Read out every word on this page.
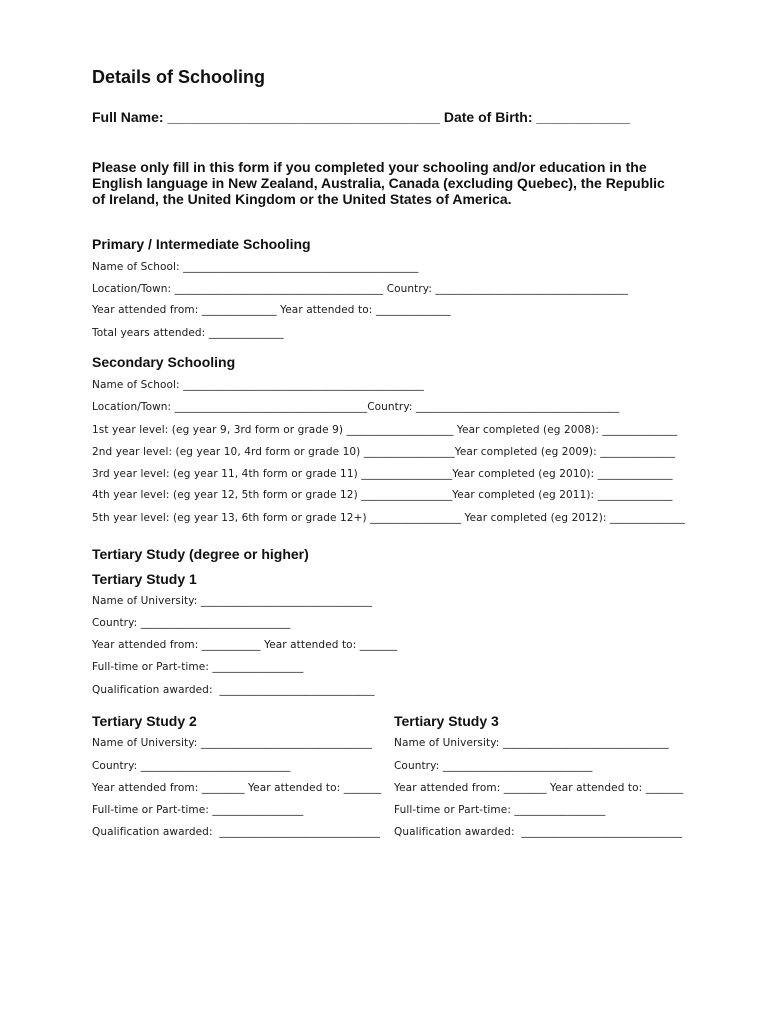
Details of Schooling
Full Name: ___________________________________ Date of Birth: ____________
Please only fill in this form if you completed your schooling and/or education in the
English language in New Zealand, Australia, Canada (excluding Quebec), the Republic
of Ireland, the United Kingdom or the United States of America.
Primary / Intermediate Schooling
Name of School: ____________________________________________
Location/Town: _______________________________________ Country: ____________________________________
Year attended from: ______________ Year attended to: ______________
Total years attended: ______________
Secondary Schooling
Name of School: _____________________________________________
Location/Town: ____________________________________Country: ______________________________________
1st year level: (eg year 9, 3rd form or grade 9) ____________________ Year completed (eg 2008): ______________
2nd year level: (eg year 10, 4rd form or grade 10) _________________Year completed (eg 2009): ______________
3rd year level: (eg year 11, 4th form or grade 11) _________________Year completed (eg 2010): ______________
4th year level: (eg year 12, 5th form or grade 12) _________________Year completed (eg 2011): ______________
5th year level: (eg year 13, 6th form or grade 12+) _________________ Year completed (eg 2012): ______________
Tertiary Study (degree or higher)
Tertiary Study 1
Name of University: ________________________________
Country: ____________________________
Year attended from: ___________ Year attended to: _______
Full-time or Part-time: _________________
Qualification awarded:  _____________________________
Tertiary Study 2
Name of University: ________________________________
Country: ____________________________
Year attended from: ________ Year attended to: _______
Full-time or Part-time: _________________
Qualification awarded:  ______________________________
Tertiary Study 3
Name of University: _______________________________
Country: ____________________________
Year attended from: ________ Year attended to: _______
Full-time or Part-time: _________________
Qualification awarded:  ______________________________
